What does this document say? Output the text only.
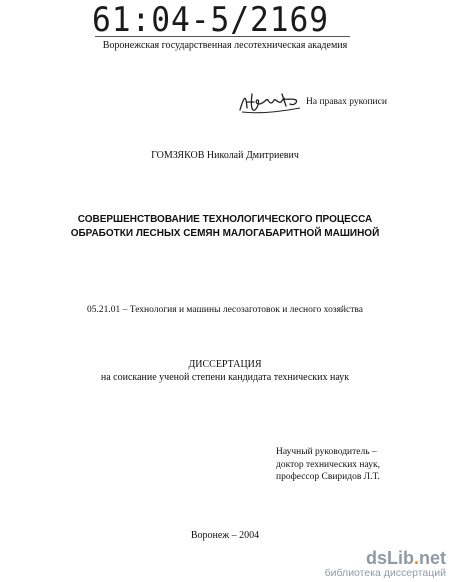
61:04-5/2169
Воронежская государственная лесотехническая академия
На правах рукописи
ГОМЗЯКОВ Николай Дмитриевич
СОВЕРШЕНСТВОВАНИЕ ТЕХНОЛОГИЧЕСКОГО ПРОЦЕССА
ОБРАБОТКИ ЛЕСНЫХ СЕМЯН МАЛОГАБАРИТНОЙ МАШИНОЙ
05.21.01 – Технология и машины лесозаготовок и лесного хозяйства
ДИССЕРТАЦИЯ
на соискание ученой степени кандидата технических наук
Научный руководитель –
доктор технических наук,
профессор Свиридов Л.Т.
Воронеж – 2004
dsLib.net
библиотека диссертаций
